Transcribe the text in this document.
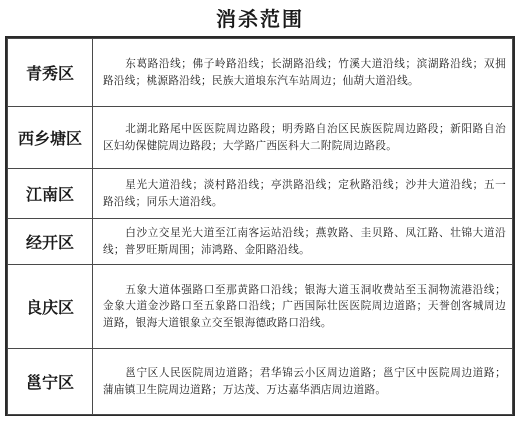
消杀范围
青秀区	东葛路沿线；佛子岭路沿线；长湖路沿线；竹溪大道沿线；滨湖路沿线；双拥路沿线；桃源路沿线；民族大道埌东汽车站周边；仙葫大道沿线。
西乡塘区	北湖北路尾中医医院周边路段；明秀路自治区民族医院周边路段；新阳路自治区妇幼保健院周边路段；大学路广西医科大二附院周边路段。
江南区	星光大道沿线；淡村路沿线；亭洪路沿线；定秋路沿线；沙井大道沿线；五一路沿线；同乐大道沿线。
经开区	白沙立交星光大道至江南客运站沿线；燕敦路、圭贝路、凤江路、壮锦大道沿线；普罗旺斯周围；沛鸿路、金阳路沿线。
良庆区	五象大道体强路口至那黄路口沿线；银海大道玉洞收费站至玉洞物流港沿线；金象大道金沙路口至五象路口沿线；广西国际壮医医院周边道路；天誉创客城周边道路，银海大道银象立交至银海德政路口沿线。
邕宁区	邕宁区人民医院周边道路；君华锦云小区周边道路；邕宁区中医院周边道路；蒲庙镇卫生院周边道路；万达茂、万达嘉华酒店周边道路。
